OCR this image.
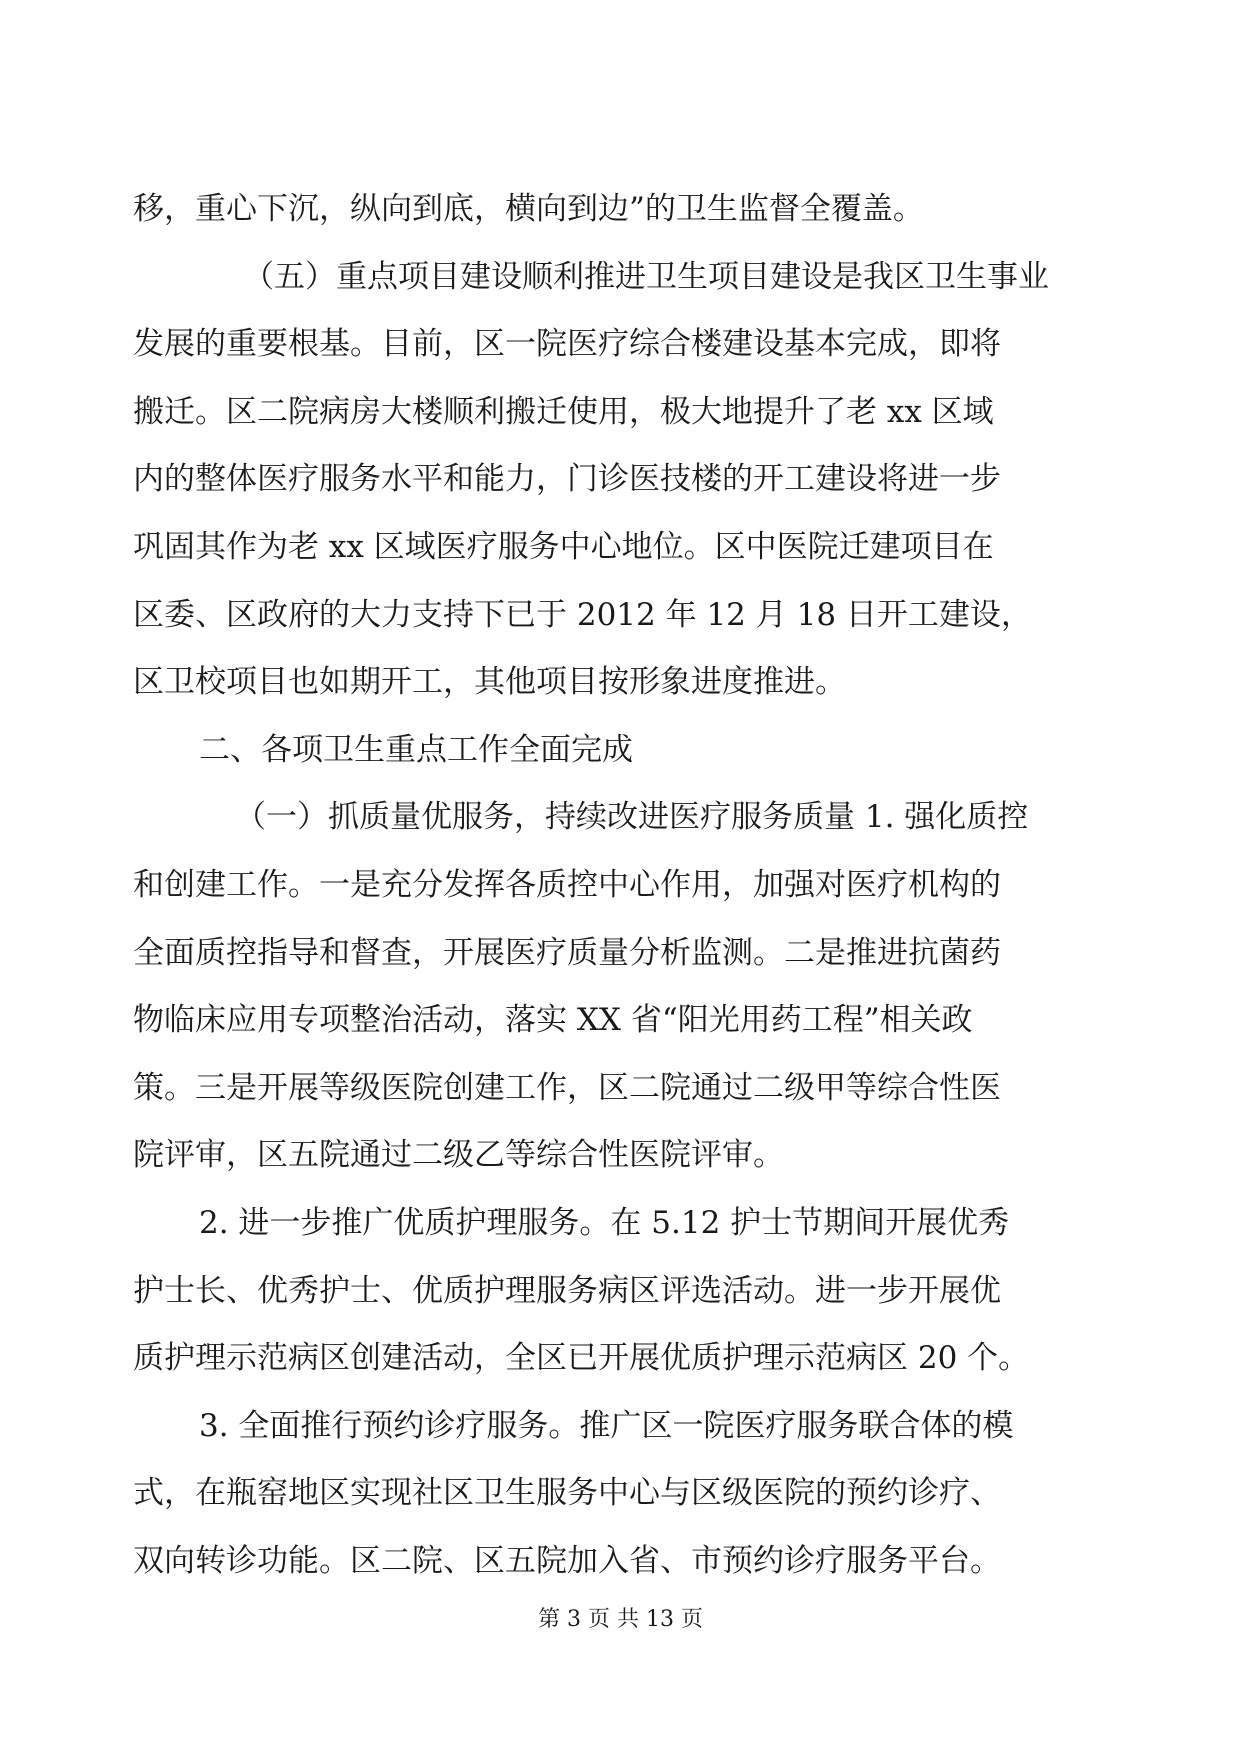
移，重心下沉，纵向到底，横向到边”的卫生监督全覆盖。
（五）重点项目建设顺利推进卫生项目建设是我区卫生事业
发展的重要根基。目前，区一院医疗综合楼建设基本完成，即将
搬迁。区二院病房大楼顺利搬迁使用，极大地提升了老 xx 区域
内的整体医疗服务水平和能力，门诊医技楼的开工建设将进一步
巩固其作为老 xx 区域医疗服务中心地位。区中医院迁建项目在
区委、区政府的大力支持下已于 2012 年 12 月 18 日开工建设，
区卫校项目也如期开工，其他项目按形象进度推进。
二、各项卫生重点工作全面完成
（一）抓质量优服务，持续改进医疗服务质量 1. 强化质控
和创建工作。一是充分发挥各质控中心作用，加强对医疗机构的
全面质控指导和督查，开展医疗质量分析监测。二是推进抗菌药
物临床应用专项整治活动，落实 XX 省“阳光用药工程”相关政
策。三是开展等级医院创建工作，区二院通过二级甲等综合性医
院评审，区五院通过二级乙等综合性医院评审。
2. 进一步推广优质护理服务。在 5.12 护士节期间开展优秀
护士长、优秀护士、优质护理服务病区评选活动。进一步开展优
质护理示范病区创建活动，全区已开展优质护理示范病区 20 个。
3. 全面推行预约诊疗服务。推广区一院医疗服务联合体的模
式，在瓶窑地区实现社区卫生服务中心与区级医院的预约诊疗、
双向转诊功能。区二院、区五院加入省、市预约诊疗服务平台。
第 3 页 共 13 页
